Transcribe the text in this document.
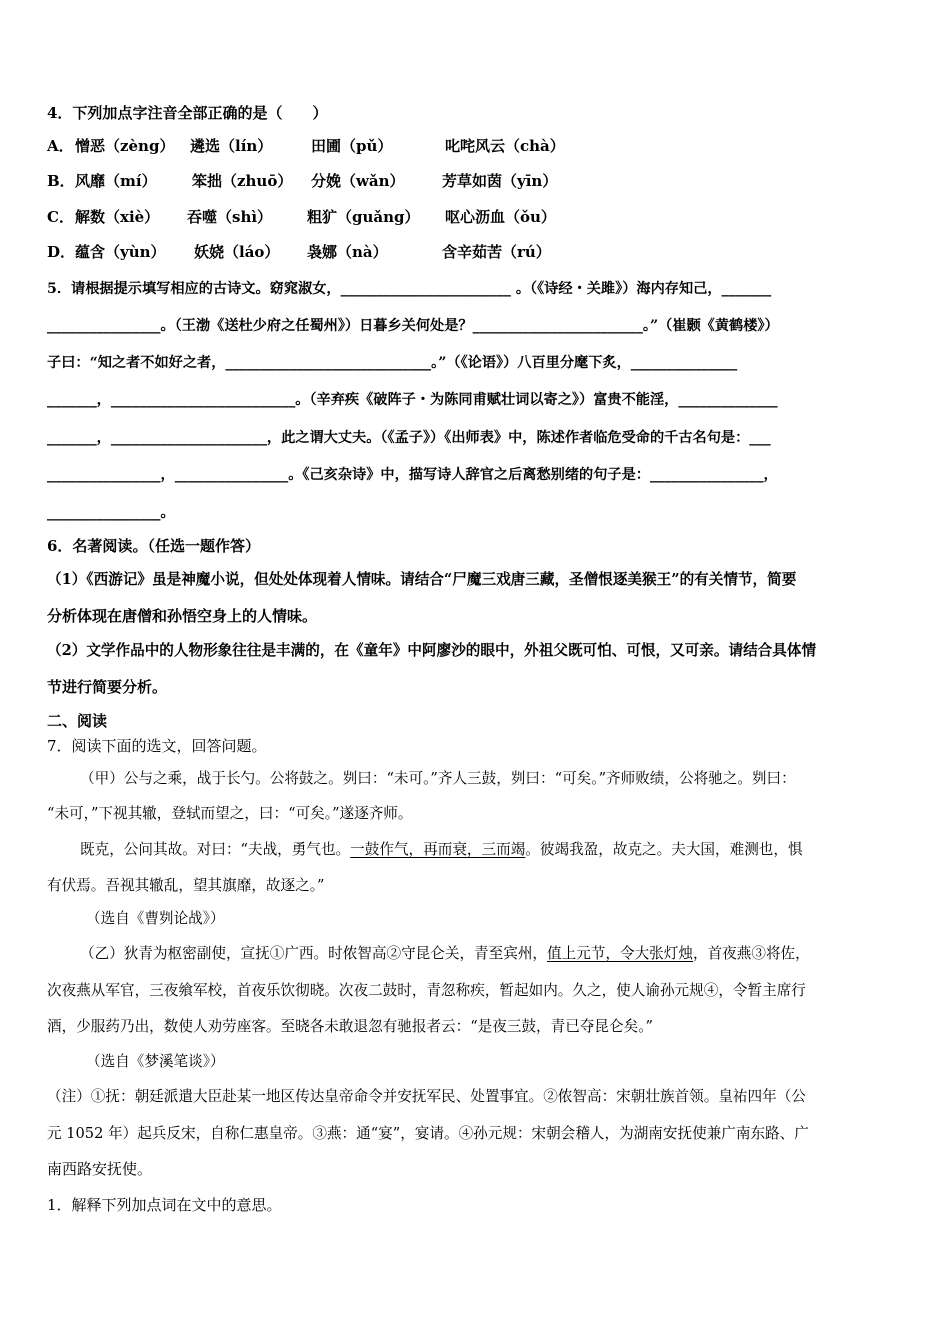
4．下列加点字注音全部正确的是（　　）
A． 憎恶（zèng） 遴选（lín）	田圃（pǔ）	叱咤风云（chà）
B． 风靡（mí） 笨拙（zhuō） 分娩（wǎn） 芳草如茵（yīn）
C． 解数（xiè） 吞噬（shì） 粗犷（guǎng） 呕心沥血（ǒu）
D． 蕴含（yùn） 妖娆（láo） 袅娜（nà）	含辛茹苦（rú）
5．请根据提示填写相应的古诗文。窈窕淑女，________________________ 。（《诗经・关雎》）海内存知己，_______
________________。（王渤《送杜少府之任蜀州》）日暮乡关何处是？________________________。”（崔颢《黄鹤楼》）
子曰：“知之者不如好之者，_____________________________。”（《论语》）八百里分麾下炙，_______________
_______，__________________________。（辛弃疾《破阵子・为陈同甫赋壮词以寄之》）富贵不能淫，______________
_______，______________________，此之谓大丈夫。（《孟子》）《出师表》中，陈述作者临危受命的千古名句是：___
________________，________________。《己亥杂诗》中，描写诗人辞官之后离愁别绪的句子是：________________，
________________。
6．名著阅读。（任选一题作答）
（1）《西游记》虽是神魔小说，但处处体现着人情味。请结合“尸魔三戏唐三藏，圣僧恨逐美猴王”的有关情节，简要
分析体现在唐僧和孙悟空身上的人情味。
（2）文学作品中的人物形象往往是丰满的，在《童年》中阿廖沙的眼中，外祖父既可怕、可恨，又可亲。请结合具体情
节进行简要分析。
二、阅读
7．阅读下面的选文，回答问题。
（甲）公与之乘，战于长勺。公将鼓之。刿曰：“未可。”齐人三鼓，刿曰：“可矣。”齐师败绩，公将驰之。刿曰：
“未可，”下视其辙，登轼而望之，曰：“可矣。”遂逐齐师。
既克，公问其故。对曰：“夫战，勇气也。一鼓作气，再而衰，三而竭。彼竭我盈，故克之。夫大国，难测也，惧
有伏焉。吾视其辙乱，望其旗靡，故逐之。”
（选自《曹刿论战》）
（乙）狄青为枢密副使，宣抚①广西。时侬智高②守昆仑关，青至宾州，值上元节，令大张灯烛，首夜燕③将佐，
次夜燕从军官，三夜飨军校，首夜乐饮彻晓。次夜二鼓时，青忽称疾，暂起如内。久之，使人谕孙元规④，令暂主席行
酒，少服药乃出，数使人劝劳座客。至晓各未敢退忽有驰报者云：“是夜三鼓，青已夺昆仑矣。”
（选自《梦溪笔谈》）
（注）①抚：朝廷派遣大臣赴某一地区传达皇帝命令并安抚军民、处置事宜。②侬智高：宋朝壮族首领。皇祐四年（公
元 1052 年）起兵反宋，自称仁惠皇帝。③燕：通“宴”，宴请。④孙元规：宋朝会稽人，为湖南安抚使兼广南东路、广
南西路安抚使。
1．解释下列加点词在文中的意思。
